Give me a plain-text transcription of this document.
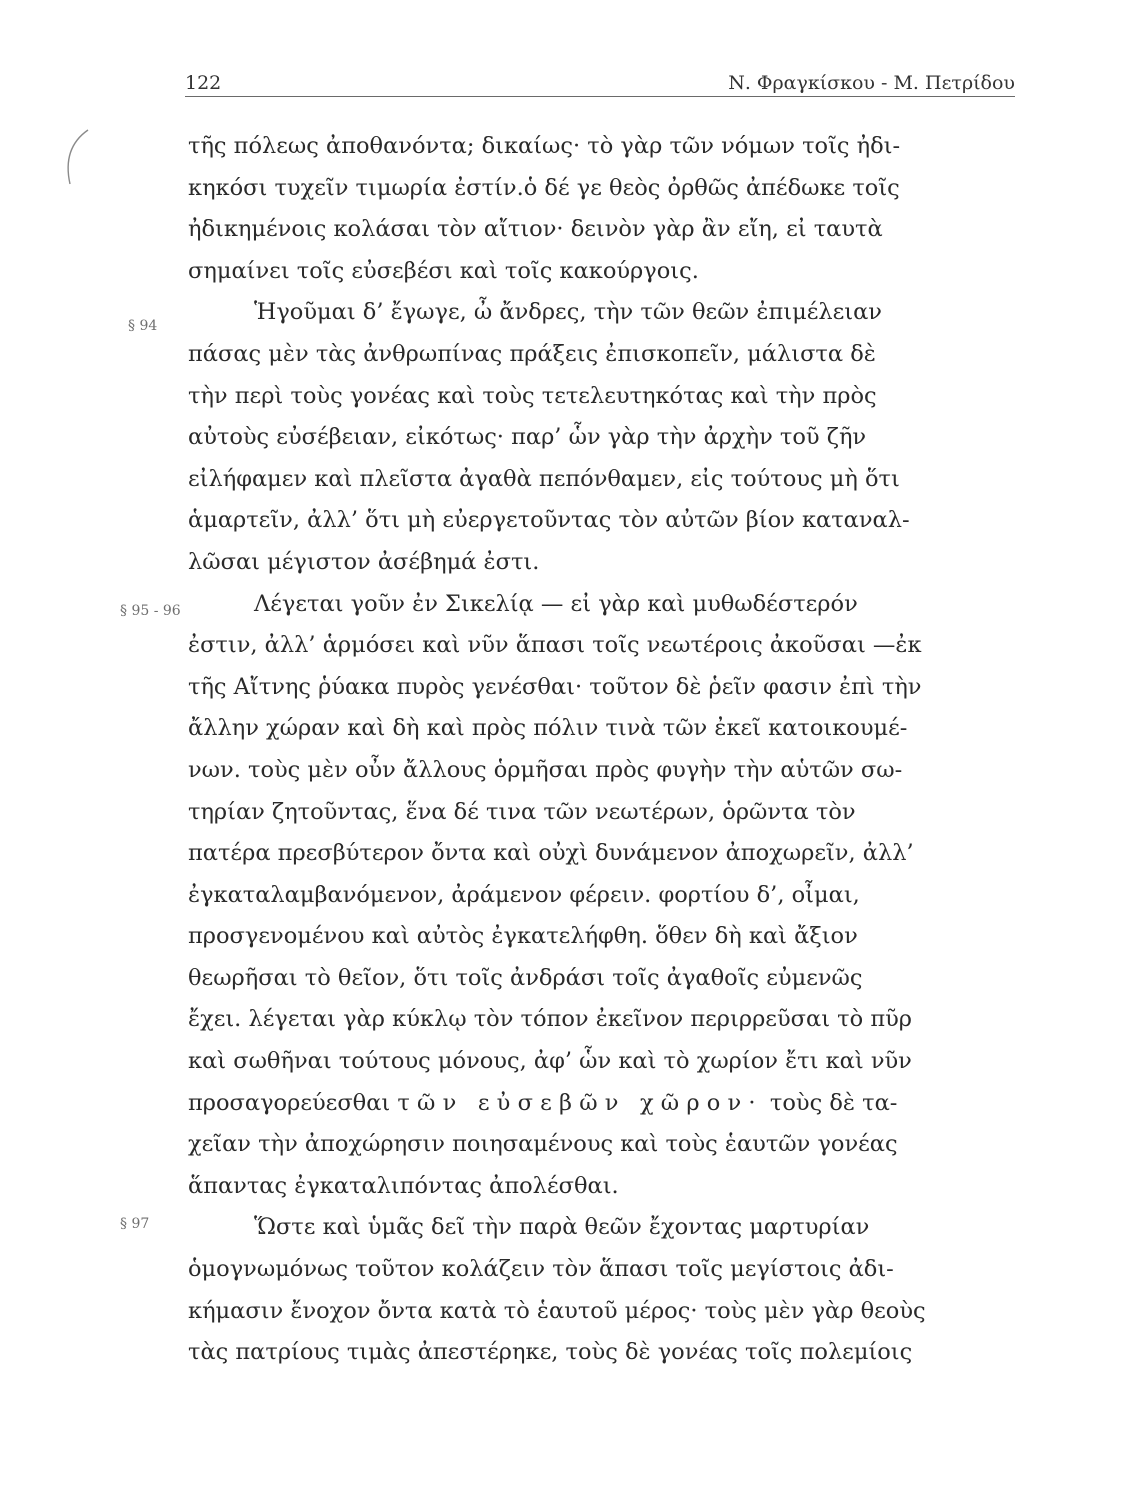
122	Ν. Φραγκίσκου - Μ. Πετρίδου
§ 94
§ 95 - 96
§ 97
τῆς πόλεως ἀποθανόντα; δικαίως· τὸ γὰρ τῶν νόμων τοῖς ἠδι-
κηκόσι τυχεῖν τιμωρία ἐστίν.ὁ δέ γε θεὸς ὀρθῶς ἀπέδωκε τοῖς
ἠδικημένοις κολάσαι τὸν αἴτιον· δεινὸν γὰρ ἂν εἴη, εἰ ταυτὰ
σημαίνει τοῖς εὐσεβέσι καὶ τοῖς κακούργοις.
Ἡγοῦμαι δ’ ἔγωγε, ὦ ἄνδρες, τὴν τῶν θεῶν ἐπιμέλειαν
πάσας μὲν τὰς ἀνθρωπίνας πράξεις ἐπισκοπεῖν, μάλιστα δὲ
τὴν περὶ τοὺς γονέας καὶ τοὺς τετελευτηκότας καὶ τὴν πρὸς
αὐτοὺς εὐσέβειαν, εἰκότως· παρ’ ὧν γὰρ τὴν ἀρχὴν τοῦ ζῆν
εἰλήφαμεν καὶ πλεῖστα ἀγαθὰ πεπόνθαμεν, εἰς τούτους μὴ ὅτι
ἁμαρτεῖν, ἀλλ’ ὅτι μὴ εὐεργετοῦντας τὸν αὐτῶν βίον καταναλ-
λῶσαι μέγιστον ἀσέβημά ἐστι.
Λέγεται γοῦν ἐν Σικελίᾳ — εἰ γὰρ καὶ μυθωδέστερόν
ἐστιν, ἀλλ’ ἁρμόσει καὶ νῦν ἅπασι τοῖς νεωτέροις ἀκοῦσαι —ἐκ
τῆς Αἴτνης ῥύακα πυρὸς γενέσθαι· τοῦτον δὲ ῥεῖν φασιν ἐπὶ τὴν
ἄλλην χώραν καὶ δὴ καὶ πρὸς πόλιν τινὰ τῶν ἐκεῖ κατοικουμέ-
νων. τοὺς μὲν οὖν ἄλλους ὁρμῆσαι πρὸς φυγὴν τὴν αὑτῶν σω-
τηρίαν ζητοῦντας, ἕνα δέ τινα τῶν νεωτέρων, ὁρῶντα τὸν
πατέρα πρεσβύτερον ὄντα καὶ οὐχὶ δυνάμενον ἀποχωρεῖν, ἀλλ’
ἐγκαταλαμβανόμενον, ἀράμενον φέρειν. φορτίου δ’, οἶμαι,
προσγενομένου καὶ αὐτὸς ἐγκατελήφθη. ὅθεν δὴ καὶ ἄξιον
θεωρῆσαι τὸ θεῖον, ὅτι τοῖς ἀνδράσι τοῖς ἀγαθοῖς εὐμενῶς
ἔχει. λέγεται γὰρ κύκλῳ τὸν τόπον ἐκεῖνον περιρρεῦσαι τὸ πῦρ
καὶ σωθῆναι τούτους μόνους, ἀφ’ ὧν καὶ τὸ χωρίον ἔτι καὶ νῦν
προσαγορεύεσθαι τῶν εὐσεβῶν χῶρον· τοὺς δὲ τα-
χεῖαν τὴν ἀποχώρησιν ποιησαμένους καὶ τοὺς ἑαυτῶν γονέας
ἅπαντας ἐγκαταλιπόντας ἀπολέσθαι.
Ὥστε καὶ ὑμᾶς δεῖ τὴν παρὰ θεῶν ἔχοντας μαρτυρίαν
ὁμογνωμόνως τοῦτον κολάζειν τὸν ἅπασι τοῖς μεγίστοις ἀδι-
κήμασιν ἔνοχον ὄντα κατὰ τὸ ἑαυτοῦ μέρος· τοὺς μὲν γὰρ θεοὺς
τὰς πατρίους τιμὰς ἀπεστέρηκε, τοὺς δὲ γονέας τοῖς πολεμίοις
